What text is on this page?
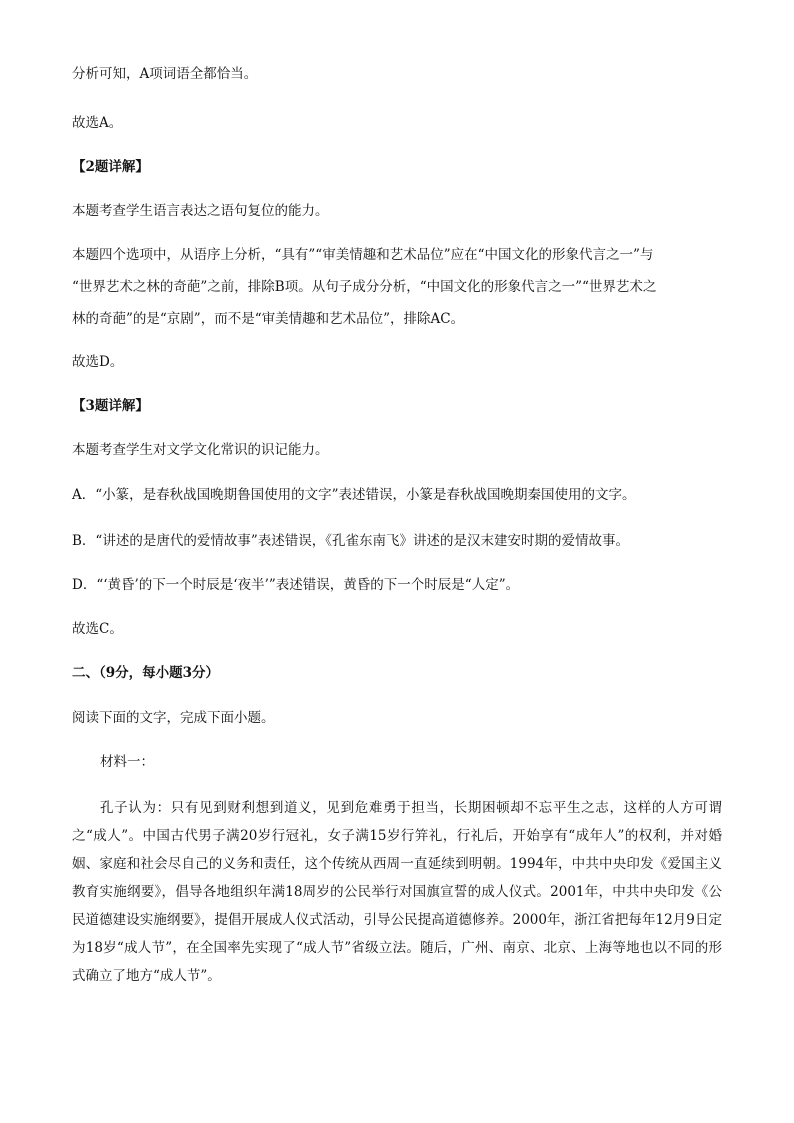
分析可知，A项词语全都恰当。
故选A。
【2题详解】
本题考查学生语言表达之语句复位的能力。
本题四个选项中，从语序上分析，“具有”“审美情趣和艺术品位”应在“中国文化的形象代言之一”与
“世界艺术之林的奇葩”之前，排除B项。从句子成分分析，“中国文化的形象代言之一”“世界艺术之
林的奇葩”的是“京剧”，而不是“审美情趣和艺术品位”，排除AC。
故选D。
【3题详解】
本题考查学生对文学文化常识的识记能力。
A．“小篆，是春秋战国晚期鲁国使用的文字”表述错误，小篆是春秋战国晚期秦国使用的文字。
B．“讲述的是唐代的爱情故事”表述错误，《孔雀东南飞》讲述的是汉末建安时期的爱情故事。
D．“‘黄昏’的下一个时辰是‘夜半’”表述错误，黄昏的下一个时辰是“人定”。
故选C。
二、（9分，每小题3分）
阅读下面的文字，完成下面小题。
材料一：
孔子认为：只有见到财利想到道义，见到危难勇于担当，长期困顿却不忘平生之志，这样的人方可谓之“成人”。中国古代男子满20岁行冠礼，女子满15岁行笄礼，行礼后，开始享有“成年人”的权利，并对婚姻、家庭和社会尽自己的义务和责任，这个传统从西周一直延续到明朝。1994年，中共中央印发《爱国主义教育实施纲要》，倡导各地组织年满18周岁的公民举行对国旗宣誓的成人仪式。2001年，中共中央印发《公民道德建设实施纲要》，提倡开展成人仪式活动，引导公民提高道德修养。2000年，浙江省把每年12月9日定为18岁“成人节”，在全国率先实现了“成人节”省级立法。随后，广州、南京、北京、上海等地也以不同的形式确立了地方“成人节”。
